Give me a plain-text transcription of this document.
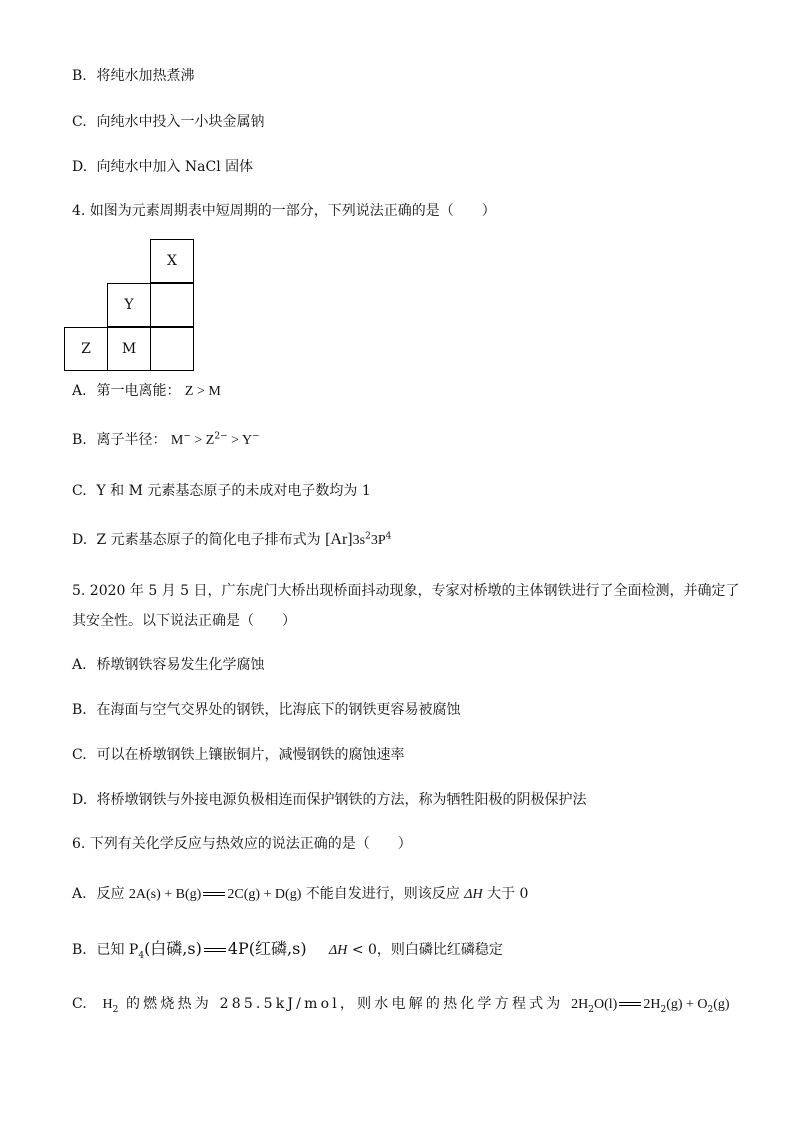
B. 将纯水加热煮沸
C. 向纯水中投入一小块金属钠
D. 向纯水中加入 NaCl 固体
4. 如图为元素周期表中短周期的一部分，下列说法正确的是（　　）
X
Y
Z	M
A. 第一电离能： Z > M
B. 离子半径： $M^- > Z^{2-} > Y^-$
C. Y 和 M 元素基态原子的未成对电子数均为 1
D. Z 元素基态原子的简化电子排布式为 $[Ar]3s^23P^4$
5. 2020 年 5 月 5 日，广东虎门大桥出现桥面抖动现象，专家对桥墩的主体钢铁进行了全面检测，并确定了
其安全性。以下说法正确是（　　）
A. 桥墩钢铁容易发生化学腐蚀
B. 在海面与空气交界处的钢铁，比海底下的钢铁更容易被腐蚀
C. 可以在桥墩钢铁上镶嵌铜片，减慢钢铁的腐蚀速率
D. 将桥墩钢铁与外接电源负极相连而保护钢铁的方法，称为牺牲阳极的阴极保护法
6. 下列有关化学反应与热效应的说法正确的是（　　）
A. 反应 2A(s) + B(g) 2C(g) + D(g) 不能自发进行，则该反应 ΔH 大于 0
B. 已知 $P_4$(白磷,s) 4P(红磷,s) ΔH < 0，则白磷比红磷稳定
C. $H_2$ 的燃烧热为 285.5kJ/mol，则水电解的热化学方程式为 $2H_2O(l) 2H_2(g) + O_2(g)$
